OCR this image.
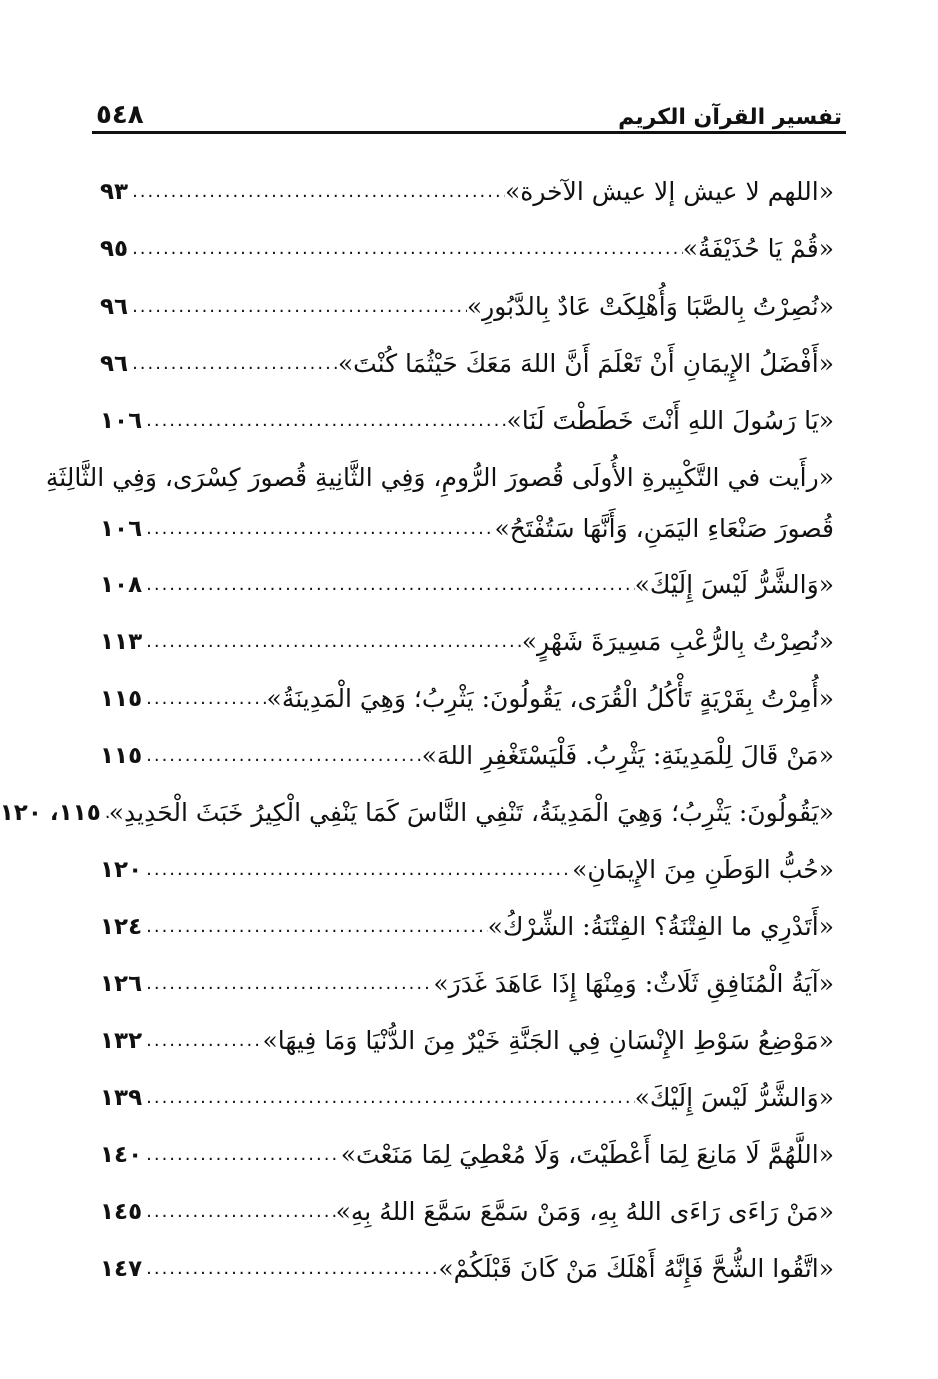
تفسير القرآن الكريم
٥٤٨
«اللهم لا عيش إلا عيش الآخرة»
.....
٩٣
«قُمْ يَا حُذَيْفَةُ»
.....
٩٥
«نُصِرْتُ بِالصَّبَا وَأُهْلِكَتْ عَادٌ بِالدَّبُورِ»
.....
٩٦
«أَفْضَلُ الإِيمَانِ أَنْ تَعْلَمَ أَنَّ اللهَ مَعَكَ حَيْثُمَا كُنْتَ»
.....
٩٦
«يَا رَسُولَ اللهِ أَنْتَ خَطَطْتَ لَنَا»
.....
١٠٦
«رأَيت في التَّكْبِيرةِ الأُولَى قُصورَ الرُّومِ، وَفِي الثَّانِيةِ قُصورَ كِسْرَى، وَفِي الثَّالِثَةِ
قُصورَ صَنْعَاءِ اليَمَنِ، وَأَنَّهَا سَتُفْتَحُ»
.....
١٠٦
«وَالشَّرُّ لَيْسَ إِلَيْكَ»
.....
١٠٨
«نُصِرْتُ بِالرُّعْبِ مَسِيرَةَ شَهْرٍ»
.....
١١٣
«أُمِرْتُ بِقَرْيَةٍ تَأْكُلُ الْقُرَى، يَقُولُونَ: يَثْرِبُ؛ وَهِيَ الْمَدِينَةُ»
.....
١١٥
«مَنْ قَالَ لِلْمَدِينَةِ: يَثْرِبُ. فَلْيَسْتَغْفِرِ اللهَ»
.....
١١٥
«يَقُولُونَ: يَثْرِبُ؛ وَهِيَ الْمَدِينَةُ، تَنْفِي النَّاسَ كَمَا يَنْفِي الْكِيرُ خَبَثَ الْحَدِيدِ»
.....
١١٥، ١٢٠
«حُبُّ الوَطَنِ مِنَ الإِيمَانِ»
.....
١٢٠
«أَتَدْرِي ما الفِتْنَةُ؟ الفِتْنَةُ: الشِّرْكُ»
.....
١٢٤
«آيَةُ الْمُنَافِقِ ثَلَاثٌ: وَمِنْهَا إِذَا عَاهَدَ غَدَرَ»
.....
١٢٦
«مَوْضِعُ سَوْطِ الإِنْسَانِ فِي الجَنَّةِ خَيْرٌ مِنَ الدُّنْيَا وَمَا فِيهَا»
.....
١٣٢
«وَالشَّرُّ لَيْسَ إِلَيْكَ»
.....
١٣٩
«اللَّهُمَّ لَا مَانِعَ لِمَا أَعْطَيْتَ، وَلَا مُعْطِيَ لِمَا مَنَعْتَ»
.....
١٤٠
«مَنْ رَاءَى رَاءَى اللهُ بِهِ، وَمَنْ سَمَّعَ سَمَّعَ اللهُ بِهِ»
.....
١٤٥
«اتَّقُوا الشُّحَّ فَإِنَّهُ أَهْلَكَ مَنْ كَانَ قَبْلَكُمْ»
.....
١٤٧
